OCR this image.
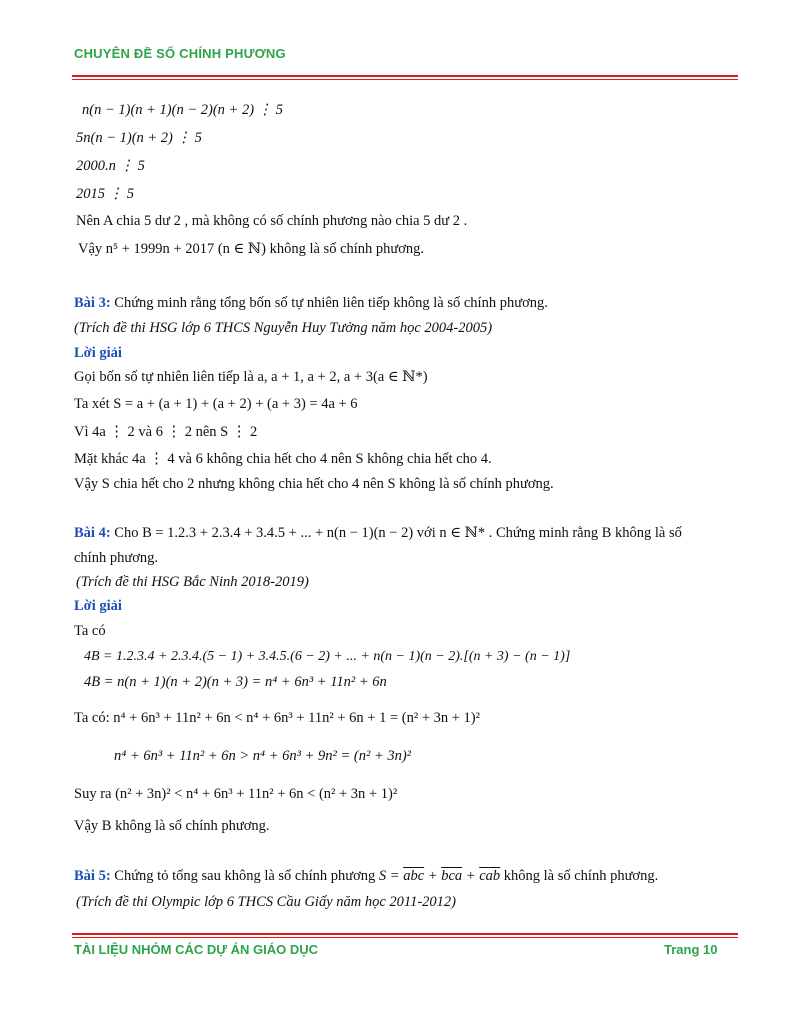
CHUYÊN ĐỀ SỐ CHÍNH PHƯƠNG
n(n − 1)(n + 1)(n − 2)(n + 2) ⋮ 5
5n(n − 1)(n + 2) ⋮ 5
2000.n ⋮ 5
2015 ⋮ 5
Nên A chia 5 dư 2 , mà không có số chính phương nào chia 5 dư 2 .
Vậy n⁵ + 1999n + 2017 (n ∈ ℕ) không là số chính phương.
Bài 3: Chứng minh rằng tổng bốn số tự nhiên liên tiếp không là số chính phương.
(Trích đề thi HSG lớp 6 THCS Nguyễn Huy Tưởng năm học 2004-2005)
Lời giải
Gọi bốn số tự nhiên liên tiếp là a, a + 1, a + 2, a + 3(a ∈ ℕ*)
Ta xét S = a + (a + 1) + (a + 2) + (a + 3) = 4a + 6
Vì 4a ⋮ 2 và 6 ⋮ 2 nên S ⋮ 2
Mặt khác 4a ⋮ 4 và 6 không chia hết cho 4 nên S không chia hết cho 4.
Vậy S chia hết cho 2 nhưng không chia hết cho 4 nên S không là số chính phương.
Bài 4: Cho B = 1.2.3 + 2.3.4 + 3.4.5 + ... + n(n − 1)(n − 2) với n ∈ ℕ* . Chứng minh rằng B không là số
chính phương.
(Trích đề thi HSG Bắc Ninh 2018-2019)
Lời giải
Ta có
4B = 1.2.3.4 + 2.3.4.(5 − 1) + 3.4.5.(6 − 2) + ... + n(n − 1)(n − 2).[(n + 3) − (n − 1)]
4B = n(n + 1)(n + 2)(n + 3) = n⁴ + 6n³ + 11n² + 6n
Ta có: n⁴ + 6n³ + 11n² + 6n < n⁴ + 6n³ + 11n² + 6n + 1 = (n² + 3n + 1)²
n⁴ + 6n³ + 11n² + 6n > n⁴ + 6n³ + 9n² = (n² + 3n)²
Suy ra (n² + 3n)² < n⁴ + 6n³ + 11n² + 6n < (n² + 3n + 1)²
Vậy B không là số chính phương.
Bài 5: Chứng tỏ tổng sau không là số chính phương $S = \overline{abc} + \overline{bca} + \overline{cab}$ không là số chính phương.
(Trích đề thi Olympic lớp 6 THCS Cầu Giấy năm học 2011-2012)
TÀI LIỆU NHÓM CÁC DỰ ÁN GIÁO DỤC	Trang 10
